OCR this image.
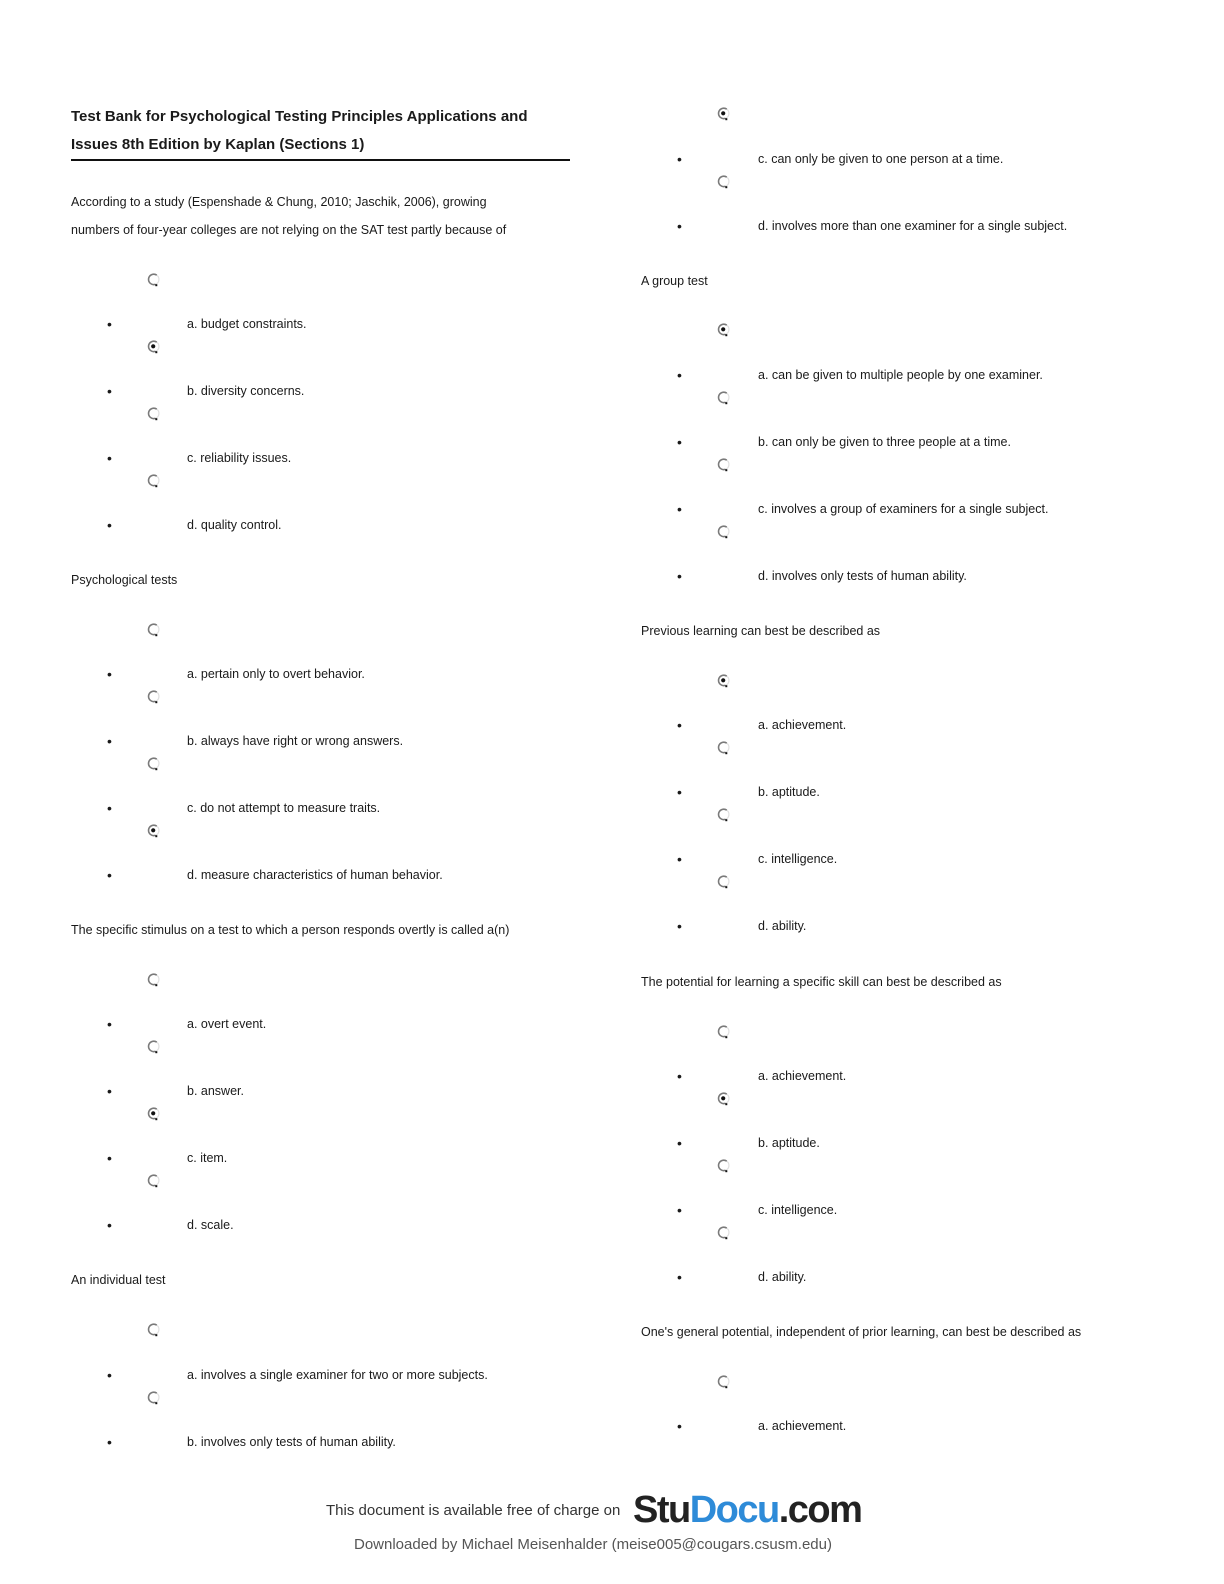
Test Bank for Psychological Testing Principles Applications and
Issues 8th Edition by Kaplan (Sections 1)
According to a study (Espenshade & Chung, 2010; Jaschik, 2006), growing
numbers of four-year colleges are not relying on the SAT test partly because of
•	a. budget constraints.
•	b. diversity concerns.
•	c. reliability issues.
•	d. quality control.
Psychological tests
•	a. pertain only to overt behavior.
•	b. always have right or wrong answers.
•	c. do not attempt to measure traits.
•	d. measure characteristics of human behavior.
The specific stimulus on a test to which a person responds overtly is called a(n)
•	a. overt event.
•	b. answer.
•	c. item.
•	d. scale.
An individual test
•	a. involves a single examiner for two or more subjects.
•	b. involves only tests of human ability.
•	c. can only be given to one person at a time.
•	d. involves more than one examiner for a single subject.
A group test
•	a. can be given to multiple people by one examiner.
•	b. can only be given to three people at a time.
•	c. involves a group of examiners for a single subject.
•	d. involves only tests of human ability.
Previous learning can best be described as
•	a. achievement.
•	b. aptitude.
•	c. intelligence.
•	d. ability.
The potential for learning a specific skill can best be described as
•	a. achievement.
•	b. aptitude.
•	c. intelligence.
•	d. ability.
One's general potential, independent of prior learning, can best be described as
•	a. achievement.
This document is available free of charge on StuDocu.com
Downloaded by Michael Meisenhalder (meise005@cougars.csusm.edu)
